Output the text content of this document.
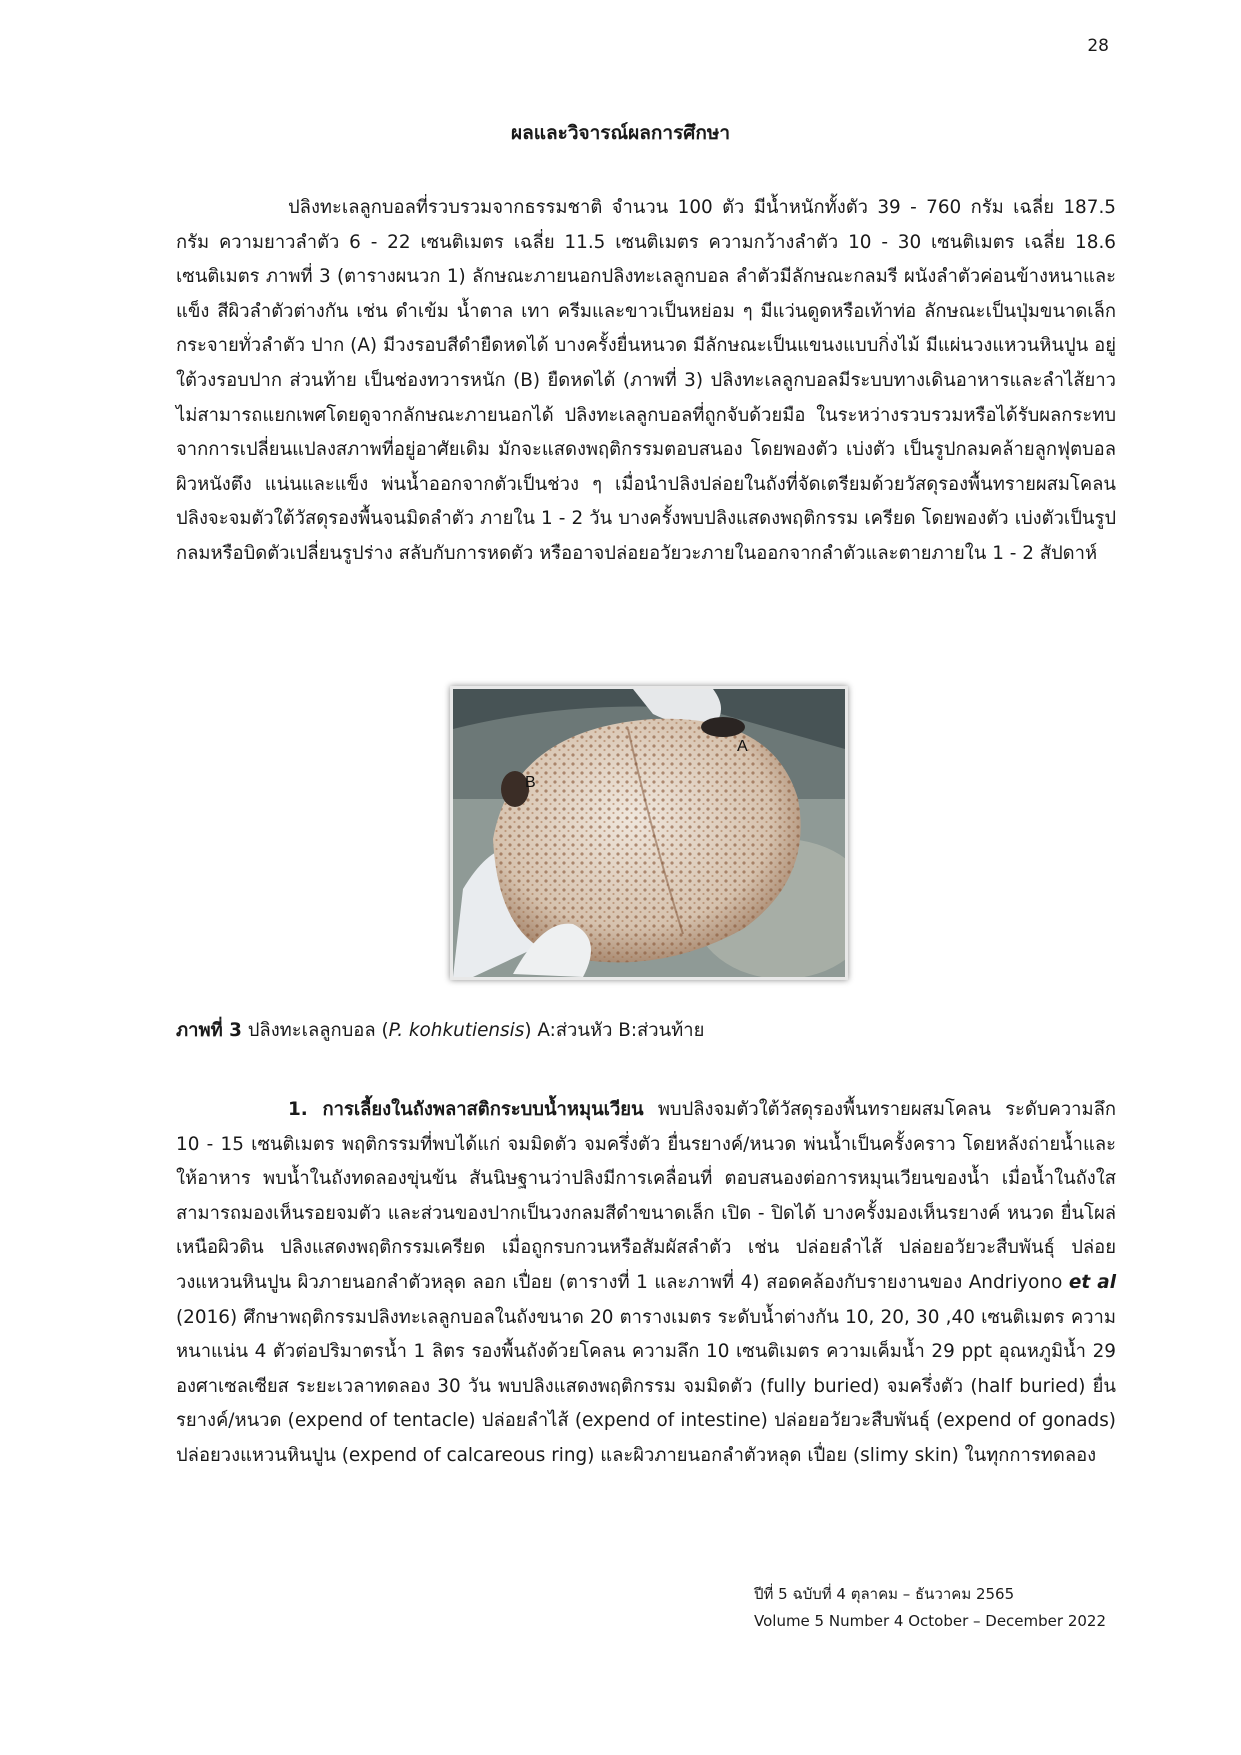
28
ผลและวิจารณ์ผลการศึกษา

ปลิงทะเลลูกบอลที่รวบรวมจากธรรมชาติ จำนวน 100 ตัว มีน้ำหนักทั้งตัว 39 - 760 กรัม เฉลี่ย 187.5 กรัม ความยาวลำตัว 6 - 22 เซนติเมตร เฉลี่ย 11.5 เซนติเมตร ความกว้างลำตัว 10 - 30 เซนติเมตร เฉลี่ย 18.6 เซนติเมตร ภาพที่ 3 (ตารางผนวก 1) ลักษณะภายนอกปลิงทะเลลูกบอล ลำตัวมีลักษณะกลมรี ผนังลำตัวค่อนข้างหนาและแข็ง สีผิวลำตัวต่างกัน เช่น ดำเข้ม น้ำตาล เทา ครีมและขาวเป็นหย่อม ๆ มีแว่นดูดหรือเท้าท่อ ลักษณะเป็นปุ่มขนาดเล็กกระจายทั่วลำตัว ปาก (A) มีวงรอบสีดำยืดหดได้ บางครั้งยื่นหนวด มีลักษณะเป็นแขนงแบบกิ่งไม้ มีแผ่นวงแหวนหินปูน อยู่ใต้วงรอบปาก ส่วนท้าย เป็นช่องทวารหนัก (B) ยืดหดได้ (ภาพที่ 3) ปลิงทะเลลูกบอลมีระบบทางเดินอาหารและลำไส้ยาว ไม่สามารถแยกเพศโดยดูจากลักษณะภายนอกได้ ปลิงทะเลลูกบอลที่ถูกจับด้วยมือ ในระหว่างรวบรวมหรือได้รับผลกระทบจากการเปลี่ยนแปลงสภาพที่อยู่อาศัยเดิม มักจะแสดงพฤติกรรมตอบสนอง โดยพองตัว เบ่งตัว เป็นรูปกลมคล้ายลูกฟุตบอล ผิวหนังตึง แน่นและแข็ง พ่นน้ำออกจากตัวเป็นช่วง ๆ เมื่อนำปลิงปล่อยในถังที่จัดเตรียมด้วยวัสดุรองพื้นทรายผสมโคลน ปลิงจะจมตัวใต้วัสดุรองพื้นจนมิดลำตัว ภายใน 1 - 2 วัน บางครั้งพบปลิงแสดงพฤติกรรม เครียด โดยพองตัว เบ่งตัวเป็นรูปกลมหรือบิดตัวเปลี่ยนรูปร่าง สลับกับการหดตัว หรืออาจปล่อยอวัยวะภายในออกจากลำตัวและตายภายใน 1 - 2 สัปดาห์

A
B
ภาพที่ 3 ปลิงทะเลลูกบอล (P. kohkutiensis) A:ส่วนหัว B:ส่วนท้าย

1. การเลี้ยงในถังพลาสติกระบบน้ำหมุนเวียน พบปลิงจมตัวใต้วัสดุรองพื้นทรายผสมโคลน ระดับความลึก 10 - 15 เซนติเมตร พฤติกรรมที่พบได้แก่ จมมิดตัว จมครึ่งตัว ยื่นรยางค์/หนวด พ่นน้ำเป็นครั้งคราว โดยหลังถ่ายน้ำและให้อาหาร พบน้ำในถังทดลองขุ่นข้น สันนิษฐานว่าปลิงมีการเคลื่อนที่ ตอบสนองต่อการหมุนเวียนของน้ำ เมื่อน้ำในถังใสสามารถมองเห็นรอยจมตัว และส่วนของปากเป็นวงกลมสีดำขนาดเล็ก เปิด - ปิดได้ บางครั้งมองเห็นรยางค์ หนวด ยื่นโผล่เหนือผิวดิน ปลิงแสดงพฤติกรรมเครียด เมื่อถูกรบกวนหรือสัมผัสลำตัว เช่น ปล่อยลำไส้ ปล่อยอวัยวะสืบพันธุ์ ปล่อยวงแหวนหินปูน ผิวภายนอกลำตัวหลุด ลอก เปื่อย (ตารางที่ 1 และภาพที่ 4) สอดคล้องกับรายงานของ Andriyono et al (2016) ศึกษาพฤติกรรมปลิงทะเลลูกบอลในถังขนาด 20 ตารางเมตร ระดับน้ำต่างกัน 10, 20, 30 ,40 เซนติเมตร ความหนาแน่น 4 ตัวต่อปริมาตรน้ำ 1 ลิตร รองพื้นถังด้วยโคลน ความลึก 10 เซนติเมตร ความเค็มน้ำ 29 ppt อุณหภูมิน้ำ 29 องศาเซลเซียส ระยะเวลาทดลอง 30 วัน พบปลิงแสดงพฤติกรรม จมมิดตัว (fully buried) จมครึ่งตัว (half buried) ยื่นรยางค์/หนวด (expend of tentacle) ปล่อยลำไส้ (expend of intestine) ปล่อยอวัยวะสืบพันธุ์ (expend of gonads) ปล่อยวงแหวนหินปูน (expend of calcareous ring) และผิวภายนอกลำตัวหลุด เปื่อย (slimy skin) ในทุกการทดลอง

ปีที่ 5 ฉบับที่ 4 ตุลาคม – ธันวาคม 2565
Volume 5 Number 4 October – December 2022
